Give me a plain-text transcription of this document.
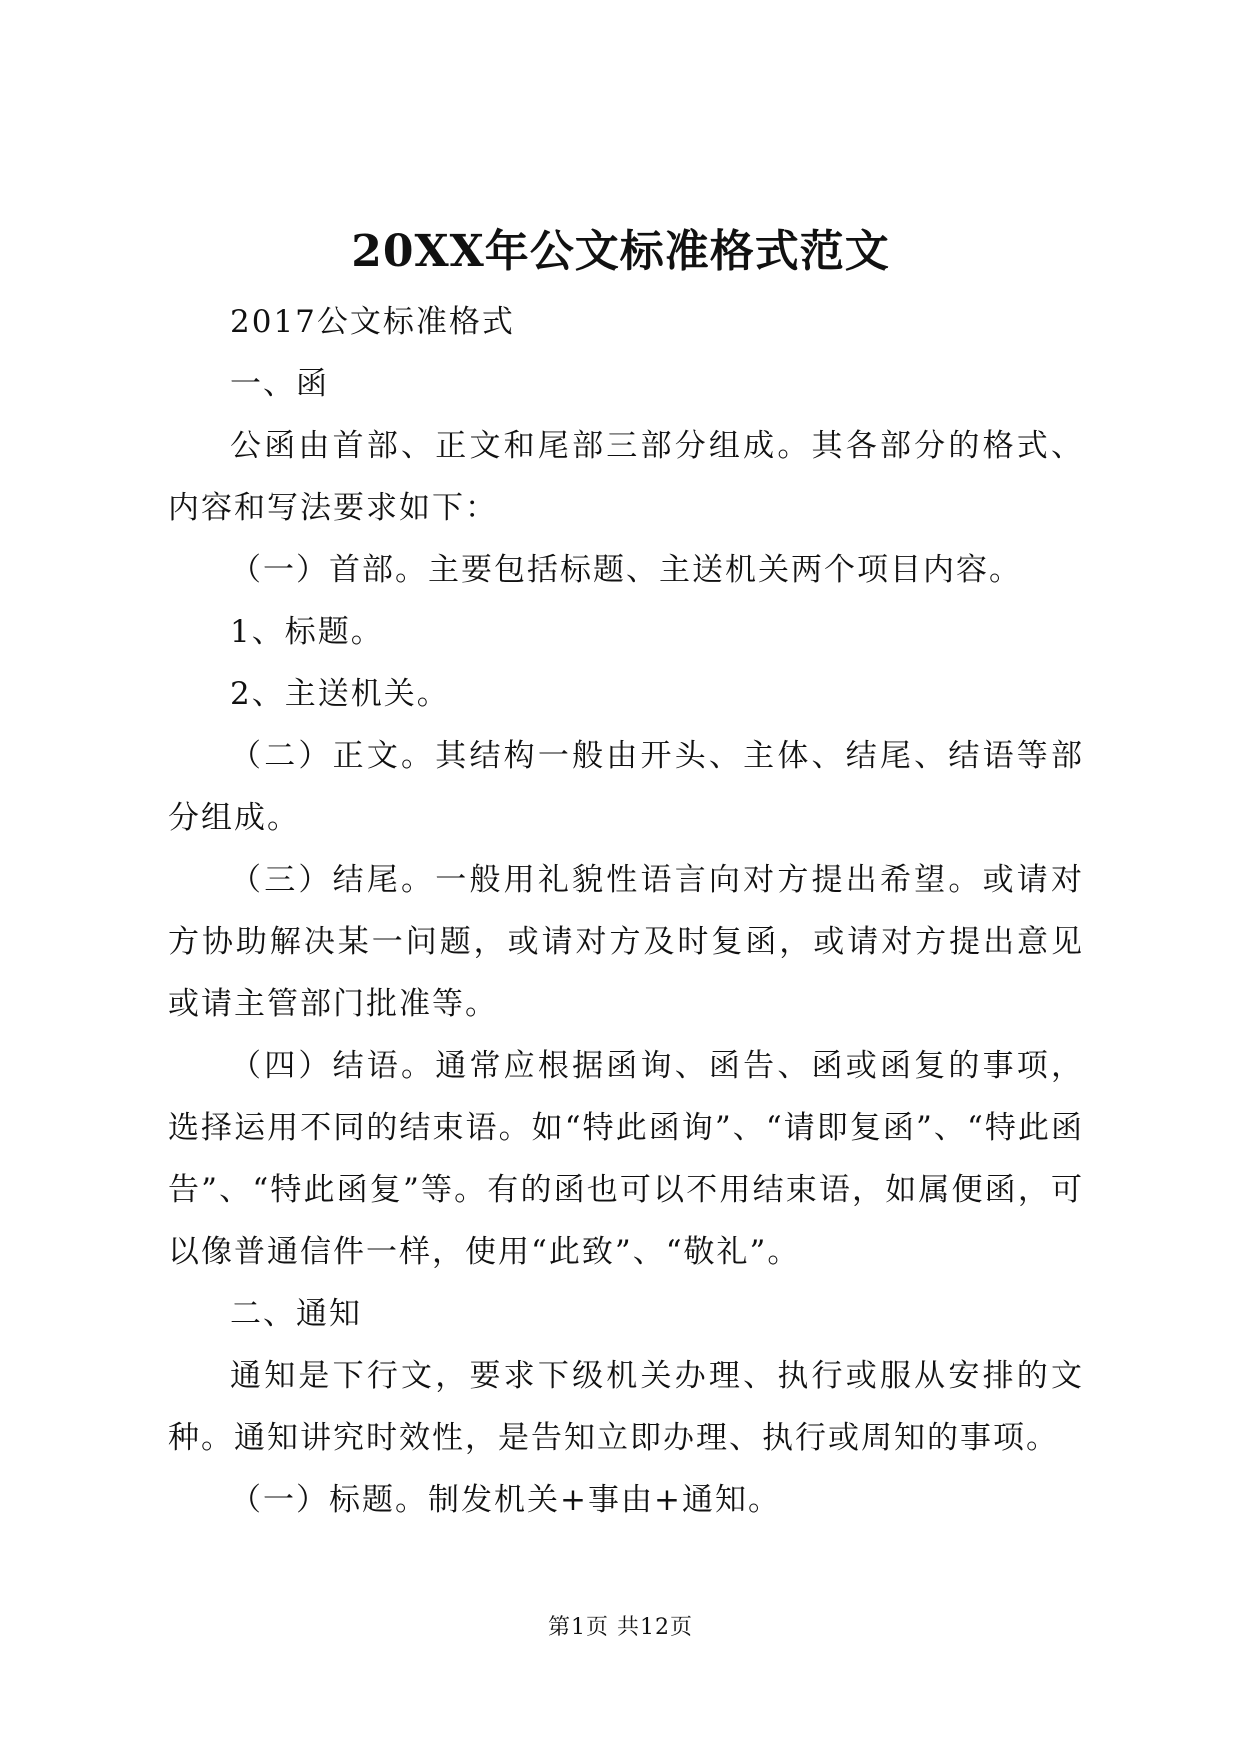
20XX年公文标准格式范文

2017公文标准格式

一、函

公函由首部、正文和尾部三部分组成。其各部分的格式、内容和写法要求如下：

（一）首部。主要包括标题、主送机关两个项目内容。

1、标题。

2、主送机关。

（二）正文。其结构一般由开头、主体、结尾、结语等部分组成。

（三）结尾。一般用礼貌性语言向对方提出希望。或请对方协助解决某一问题，或请对方及时复函，或请对方提出意见或请主管部门批准等。

（四）结语。通常应根据函询、函告、函或函复的事项，选择运用不同的结束语。如“特此函询”、“请即复函”、“特此函告”、“特此函复”等。有的函也可以不用结束语，如属便函，可以像普通信件一样，使用“此致”、“敬礼”。

二、通知

通知是下行文，要求下级机关办理、执行或服从安排的文种。通知讲究时效性，是告知立即办理、执行或周知的事项。

（一）标题。制发机关+事由+通知。

第1页 共12页
